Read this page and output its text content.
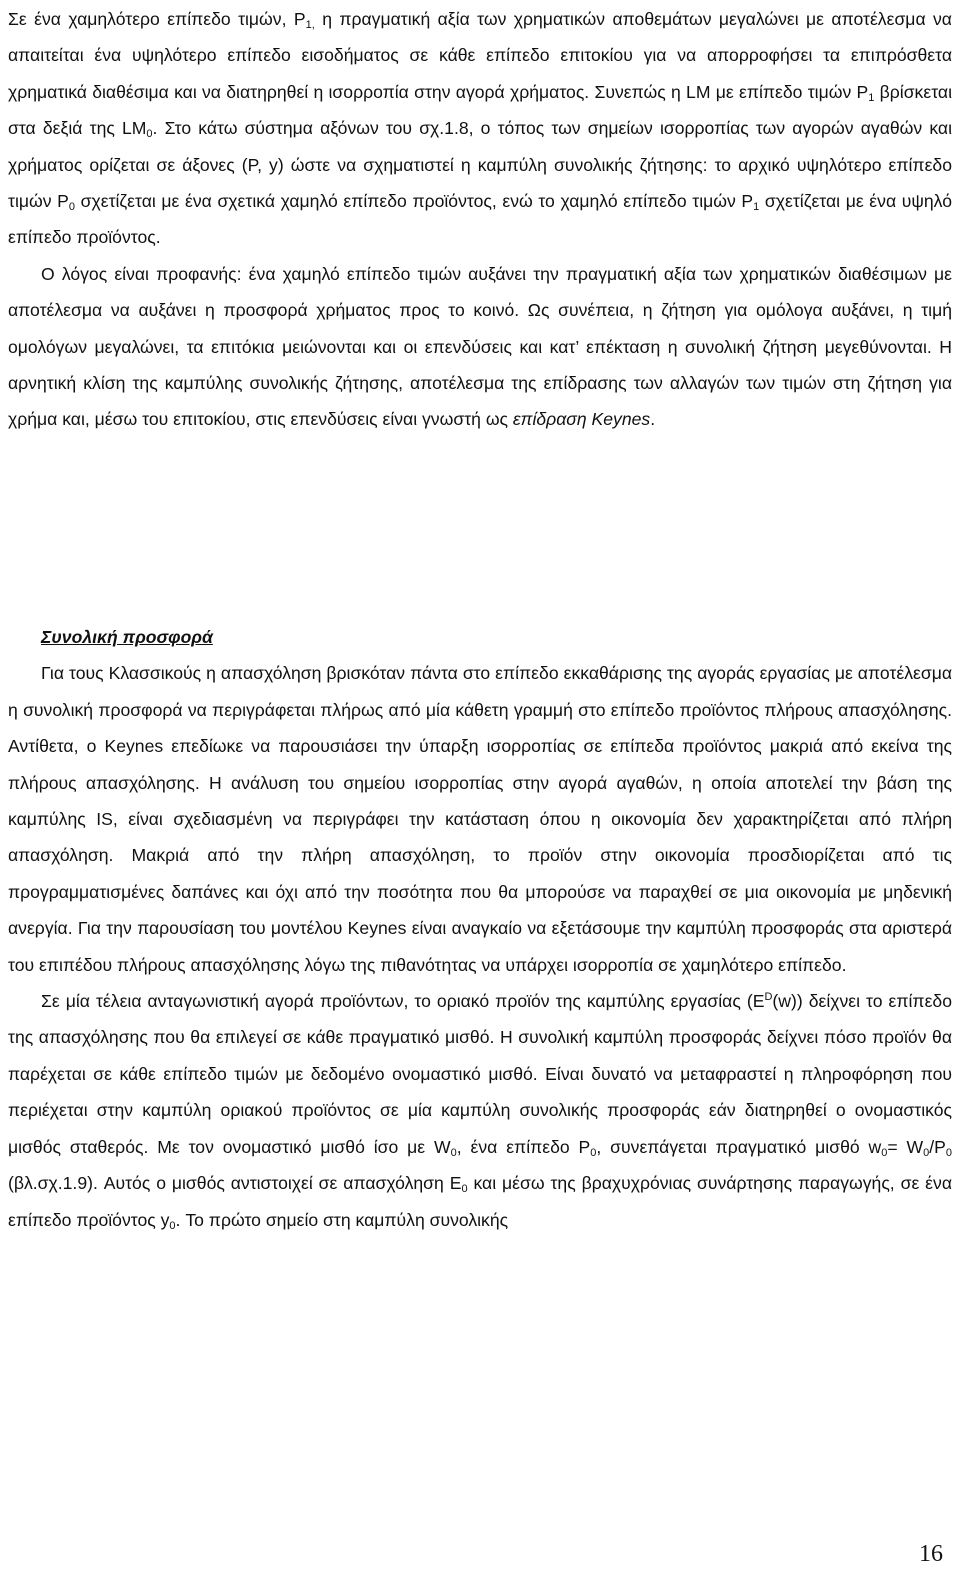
Σε ένα χαμηλότερο επίπεδο τιμών, $P_{1,}$ η πραγματική αξία των χρηματικών αποθεμάτων μεγαλώνει με αποτέλεσμα να απαιτείται ένα υψηλότερο επίπεδο εισοδήματος σε κάθε επίπεδο επιτοκίου για να απορροφήσει τα επιπρόσθετα χρηματικά διαθέσιμα και να διατηρηθεί η ισορροπία στην αγορά χρήματος. Συνεπώς η LM με επίπεδο τιμών $P_1$ βρίσκεται στα δεξιά της $LM_0$. Στο κάτω σύστημα αξόνων του σχ.1.8, ο τόπος των σημείων ισορροπίας των αγορών αγαθών και χρήματος ορίζεται σε άξονες (P, y) ώστε να σχηματιστεί η καμπύλη συνολικής ζήτησης: το αρχικό υψηλότερο επίπεδο τιμών $P_0$ σχετίζεται με ένα σχετικά χαμηλό επίπεδο προϊόντος, ενώ το χαμηλό επίπεδο τιμών $P_1$ σχετίζεται με ένα υψηλό επίπεδο προϊόντος.

Ο λόγος είναι προφανής: ένα χαμηλό επίπεδο τιμών αυξάνει την πραγματική αξία των χρηματικών διαθέσιμων με αποτέλεσμα να αυξάνει η προσφορά χρήματος προς το κοινό. Ως συνέπεια, η ζήτηση για ομόλογα αυξάνει, η τιμή ομολόγων μεγαλώνει, τα επιτόκια μειώνονται και οι επενδύσεις και κατ’ επέκταση η συνολική ζήτηση μεγεθύνονται. Η αρνητική κλίση της καμπύλης συνολικής ζήτησης, αποτέλεσμα της επίδρασης των αλλαγών των τιμών στη ζήτηση για χρήμα και, μέσω του επιτοκίου, στις επενδύσεις είναι γνωστή ως επίδραση Keynes.

Συνολική προσφορά

Για τους Κλασσικούς η απασχόληση βρισκόταν πάντα στο επίπεδο εκκαθάρισης της αγοράς εργασίας με αποτέλεσμα η συνολική προσφορά να περιγράφεται πλήρως από μία κάθετη γραμμή στο επίπεδο προϊόντος πλήρους απασχόλησης. Αντίθετα, ο Keynes επεδίωκε να παρουσιάσει την ύπαρξη ισορροπίας σε επίπεδα προϊόντος μακριά από εκείνα της πλήρους απασχόλησης. Η ανάλυση του σημείου ισορροπίας στην αγορά αγαθών, η οποία αποτελεί την βάση της καμπύλης IS, είναι σχεδιασμένη να περιγράφει την κατάσταση όπου η οικονομία δεν χαρακτηρίζεται από πλήρη απασχόληση. Μακριά από την πλήρη απασχόληση, το προϊόν στην οικονομία προσδιορίζεται από τις προγραμματισμένες δαπάνες και όχι από την ποσότητα που θα μπορούσε να παραχθεί σε μια οικονομία με μηδενική ανεργία. Για την παρουσίαση του μοντέλου Keynes είναι αναγκαίο να εξετάσουμε την καμπύλη προσφοράς στα αριστερά του επιπέδου πλήρους απασχόλησης λόγω της πιθανότητας να υπάρχει ισορροπία σε χαμηλότερο επίπεδο.

Σε μία τέλεια ανταγωνιστική αγορά προϊόντων, το οριακό προϊόν της καμπύλης εργασίας $(E^D(w))$ δείχνει το επίπεδο της απασχόλησης που θα επιλεγεί σε κάθε πραγματικό μισθό. Η συνολική καμπύλη προσφοράς δείχνει πόσο προϊόν θα παρέχεται σε κάθε επίπεδο τιμών με δεδομένο ονομαστικό μισθό. Είναι δυνατό να μεταφραστεί η πληροφόρηση που περιέχεται στην καμπύλη οριακού προϊόντος σε μία καμπύλη συνολικής προσφοράς εάν διατηρηθεί ο ονομαστικός μισθός σταθερός. Με τον ονομαστικό μισθό ίσο με $W_0$, ένα επίπεδο $P_0$, συνεπάγεται πραγματικό μισθό $w_0= W_0/P_0$ (βλ.σχ.1.9). Αυτός ο μισθός αντιστοιχεί σε απασχόληση $E_0$ και μέσω της βραχυχρόνιας συνάρτησης παραγωγής, σε ένα επίπεδο προϊόντος $y_0$. Το πρώτο σημείο στη καμπύλη συνολικής

16
